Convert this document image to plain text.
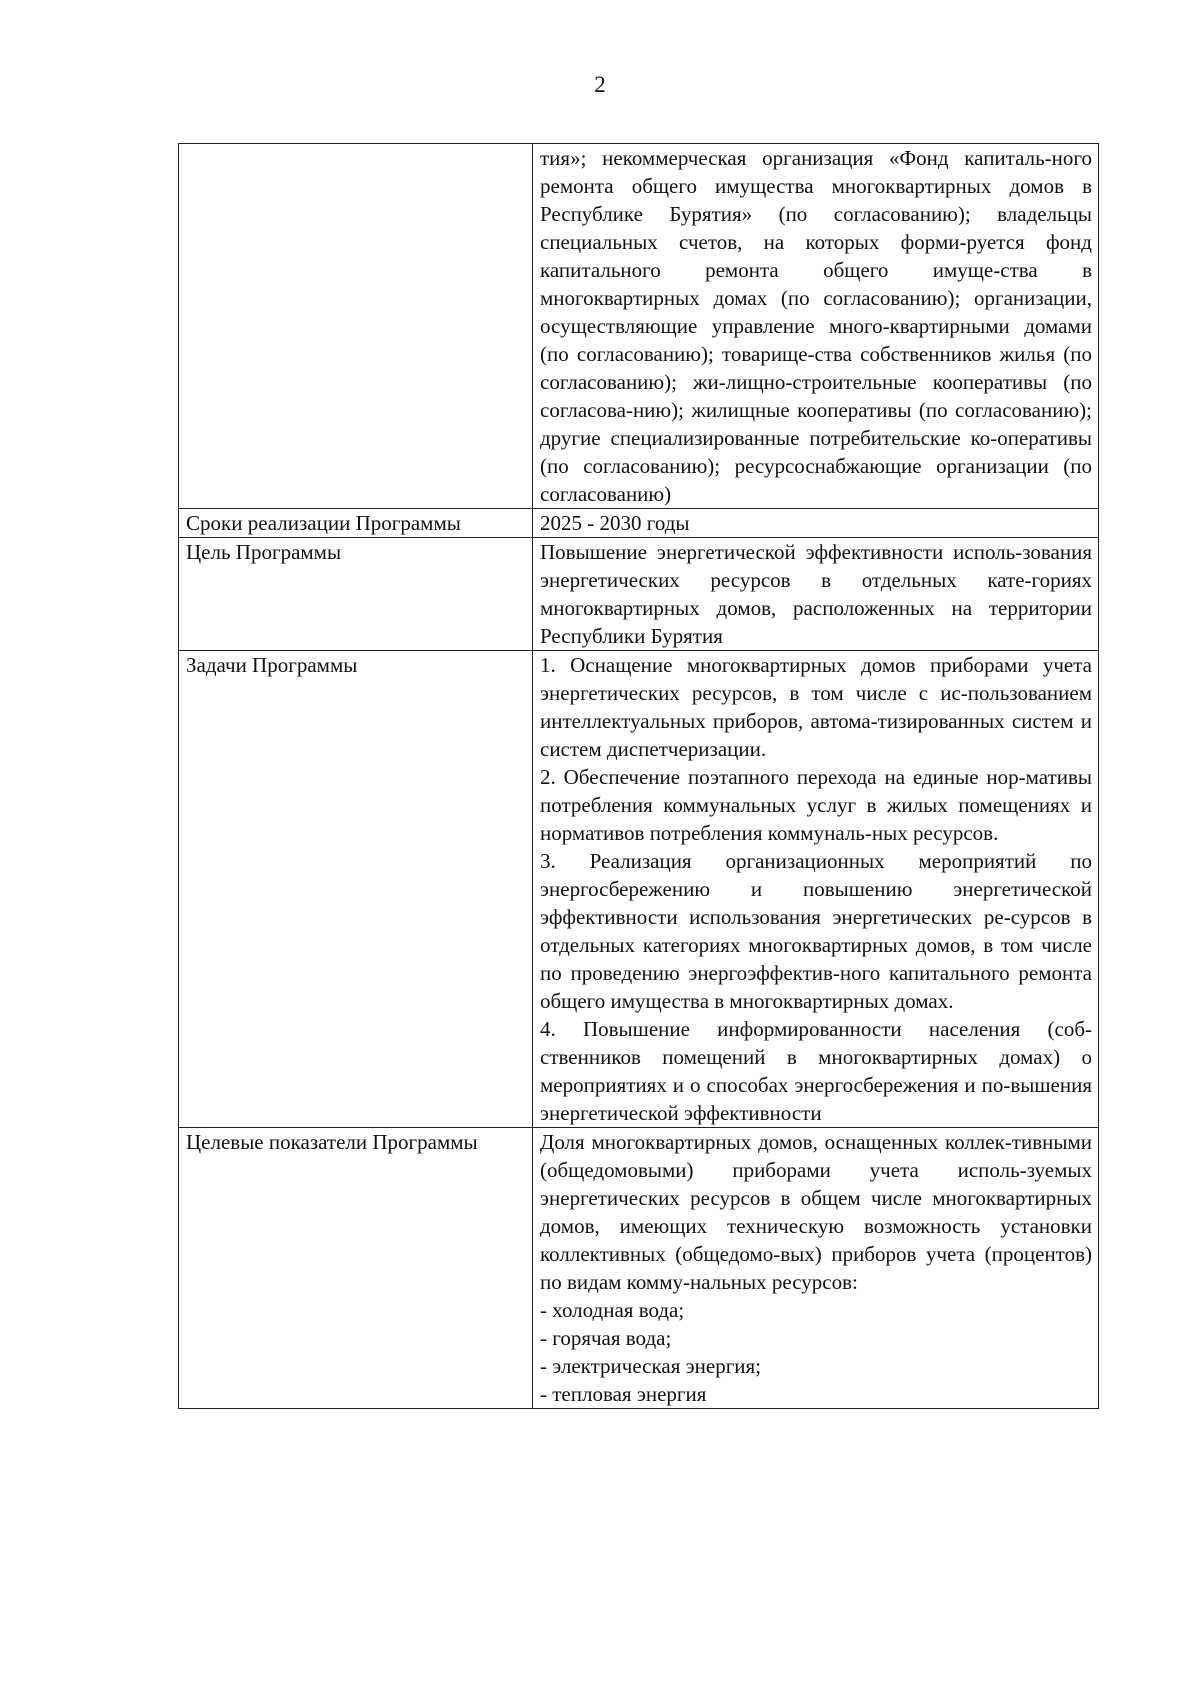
2

	тия»; некоммерческая организация «Фонд капиталь-ного ремонта общего имущества многоквартирных домов в Республике Бурятия» (по согласованию); владельцы специальных счетов, на которых форми-руется фонд капитального ремонта общего имуще-ства в многоквартирных домах (по согласованию); организации, осуществляющие управление много-квартирными домами (по согласованию); товарище-ства собственников жилья (по согласованию); жи-лищно-строительные кооперативы (по согласова-нию); жилищные кооперативы (по согласованию); другие специализированные потребительские ко-оперативы (по согласованию); ресурсоснабжающие организации (по согласованию)

Сроки реализации Программы	2025 - 2030 годы

Цель Программы	Повышение энергетической эффективности исполь-зования энергетических ресурсов в отдельных кате-гориях многоквартирных домов, расположенных на территории Республики Бурятия

Задачи Программы	1. Оснащение многоквартирных домов приборами учета энергетических ресурсов, в том числе с ис-пользованием интеллектуальных приборов, автома-тизированных систем и систем диспетчеризации.
2. Обеспечение поэтапного перехода на единые нор-мативы потребления коммунальных услуг в жилых помещениях и нормативов потребления коммуналь-ных ресурсов.
3. Реализация организационных мероприятий по энергосбережению и повышению энергетической эффективности использования энергетических ре-сурсов в отдельных категориях многоквартирных домов, в том числе по проведению энергоэффектив-ного капитального ремонта общего имущества в многоквартирных домах.
4. Повышение информированности населения (соб-ственников помещений в многоквартирных домах) о мероприятиях и о способах энергосбережения и по-вышения энергетической эффективности

Целевые показатели Программы	Доля многоквартирных домов, оснащенных коллек-тивными (общедомовыми) приборами учета исполь-зуемых энергетических ресурсов в общем числе многоквартирных домов, имеющих техническую возможность установки коллективных (общедомо-вых) приборов учета (процентов) по видам комму-нальных ресурсов:
- холодная вода;
- горячая вода;
- электрическая энергия;
- тепловая энергия
